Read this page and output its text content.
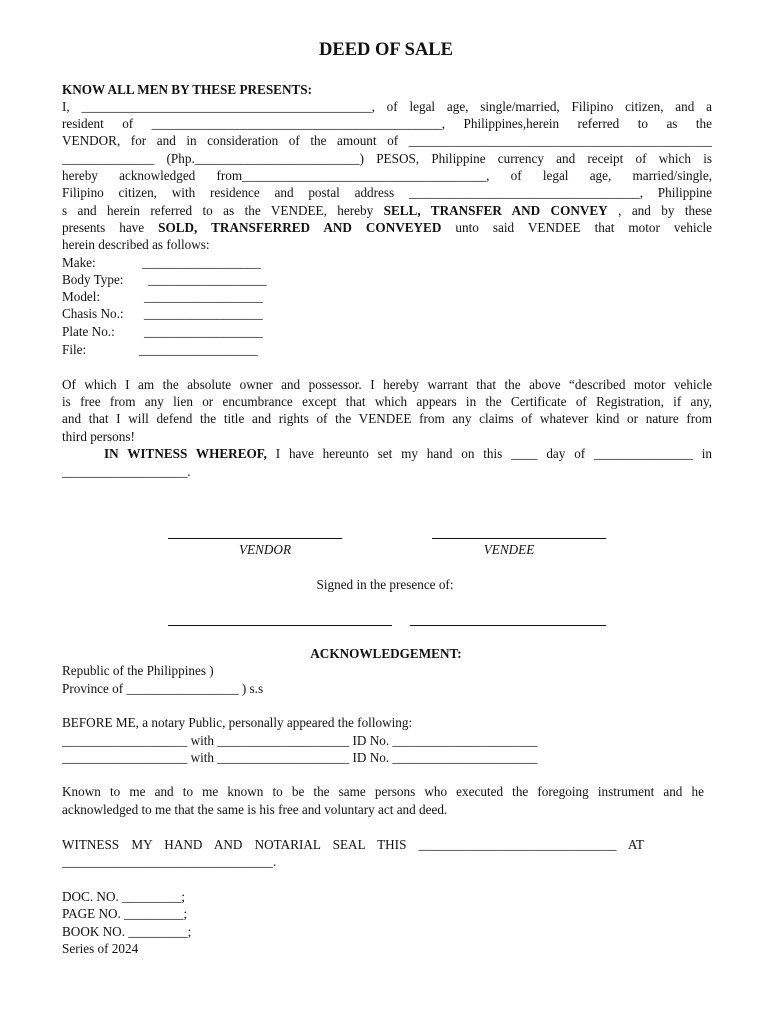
DEED OF SALE
KNOW ALL MEN BY THESE PRESENTS:
I, ____________________________________________, of legal age, single/married, Filipino citizen, and a
resident of ____________________________________________, Philippines,herein referred to as the
VENDOR, for and in consideration of the amount of ______________________________________________
______________ (Php._________________________) PESOS, Philippine currency and receipt of which is
hereby acknowledged from_____________________________________, of legal age, married/single,
Filipino citizen, with residence and postal address ___________________________________, Philippine
s and herein referred to as the VENDEE, hereby SELL, TRANSFER AND CONVEY , and by these
presents have SOLD, TRANSFERRED AND CONVEYED unto said VENDEE that motor vehicle
herein described as follows:
Make:	__________________
Body Type: __________________
Model:	__________________
Chasis No.: __________________
Plate No.: __________________
File:	__________________
Of which I am the absolute owner and possessor. I hereby warrant that the above “described motor vehicle
is free from any lien or encumbrance except that which appears in the Certificate of Registration, if any,
and that I will defend the title and rights of the VENDEE from any claims of whatever kind or nature from
third persons!
IN WITNESS WHEREOF, I have hereunto set my hand on this ____ day of _______________ in
___________________.
VENDOR	VENDEE
Signed in the presence of:
ACKNOWLEDGEMENT:
Republic of the Philippines )
Province of _________________ ) s.s
BEFORE ME, a notary Public, personally appeared the following:
___________________ with ____________________ ID No. ______________________
___________________ with ____________________ ID No. ______________________
Known to me and to me known to be the same persons who executed the foregoing instrument and he
acknowledged to me that the same is his free and voluntary act and deed.
WITNESS MY HAND AND NOTARIAL SEAL THIS ______________________________ AT
________________________________.
DOC. NO. _________;
PAGE NO. _________;
BOOK NO. _________;
Series of 2024
